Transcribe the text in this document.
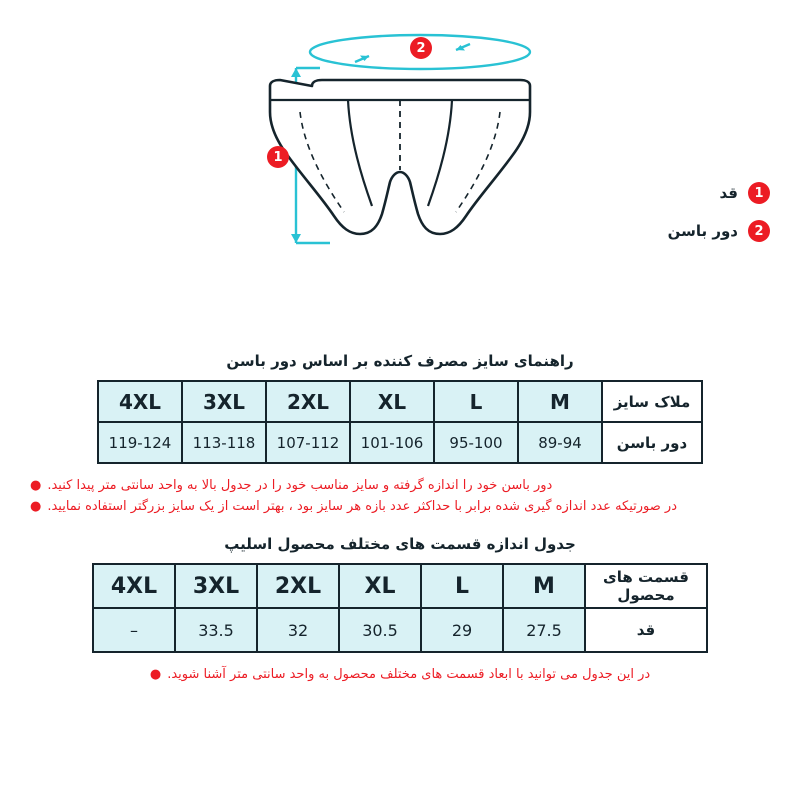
1
2
1
قد
2
دور باسن

راهنمای سایز مصرف کننده بر اساس دور باسن

ملاک سایز	M	L	XL	2XL	3XL	4XL
دور باسن	89-94	95-100	101-106	107-112	113-118	119-124
دور باسن خود را اندازه گرفته و سایز مناسب خود را در جدول بالا به واحد سانتی متر پیدا کنید.
●
در صورتیکه عدد اندازه گیری شده برابر با حداکثر عدد بازه هر سایز بود ، بهتر است از یک سایز بزرگتر استفاده نمایید.
●

جدول اندازه قسمت های مختلف محصول اسلیپ

قسمت های محصول	M	L	XL	2XL	3XL	4XL
قد	27.5	29	30.5	32	33.5	–
در این جدول می توانید با ابعاد قسمت های مختلف محصول به واحد سانتی متر آشنا شوید.
●
